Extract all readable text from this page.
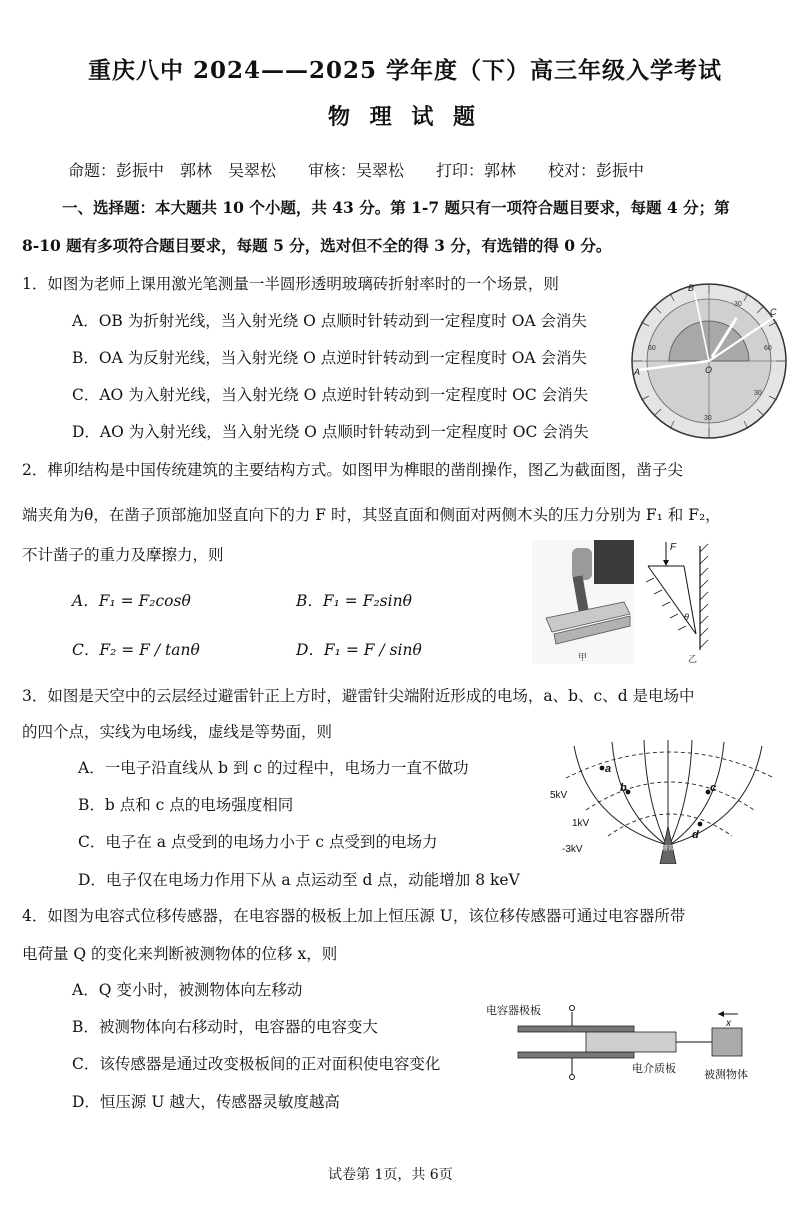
重庆八中 2024——2025 学年度（下）高三年级入学考试
物 理 试 题
命题：彭振中　郭林　吴翠松　　审核：吴翠松　　打印：郭林　　校对：彭振中
一、选择题：本大题共 10 个小题，共 43 分。第 1-7 题只有一项符合题目要求，每题 4 分；第
8-10 题有多项符合题目要求，每题 5 分，选对但不全的得 3 分，有选错的得 0 分。
1．如图为老师上课用激光笔测量一半圆形透明玻璃砖折射率时的一个场景，则
A．OB 为折射光线，当入射光绕 O 点顺时针转动到一定程度时 OA 会消失
B．OA 为反射光线，当入射光绕 O 点逆时针转动到一定程度时 OA 会消失
C．AO 为入射光线，当入射光绕 O 点逆时针转动到一定程度时 OC 会消失
D．AO 为入射光线，当入射光绕 O 点顺时针转动到一定程度时 OC 会消失
A
B
C
O
30
30
60	60
30
2．榫卯结构是中国传统建筑的主要结构方式。如图甲为榫眼的凿削操作，图乙为截面图，凿子尖
端夹角为θ，在凿子顶部施加竖直向下的力 F 时，其竖直面和侧面对两侧木头的压力分别为 F₁ 和 F₂，
不计凿子的重力及摩擦力，则
A．F₁ = F₂cosθ	B．F₁ = F₂sinθ
C．F₂ = F / tanθ	D．F₁ = F / sinθ	甲
F
θ
乙
3．如图是天空中的云层经过避雷针正上方时，避雷针尖端附近形成的电场，a、b、c、d 是电场中
的四个点，实线为电场线，虚线是等势面，则
A．一电子沿直线从 b 到 c 的过程中，电场力一直不做功
B．b 点和 c 点的电场强度相同
C．电子在 a 点受到的电场力小于 c 点受到的电场力
D．电子仅在电场力作用下从 a 点运动至 d 点，动能增加 8 keV
避雷针
a
b	c
d
5kV
1kV
-3kV
4．如图为电容式位移传感器，在电容器的极板上加上恒压源 U，该位移传感器可通过电容器所带
电荷量 Q 的变化来判断被测物体的位移 x，则
A．Q 变小时，被测物体向左移动
B．被测物体向右移动时，电容器的电容变大
C．该传感器是通过改变极板间的正对面积使电容变化
D．恒压源 U 越大，传感器灵敏度越高
电容器极板
x
电介质板	被测物体
试卷第 1页，共 6页
